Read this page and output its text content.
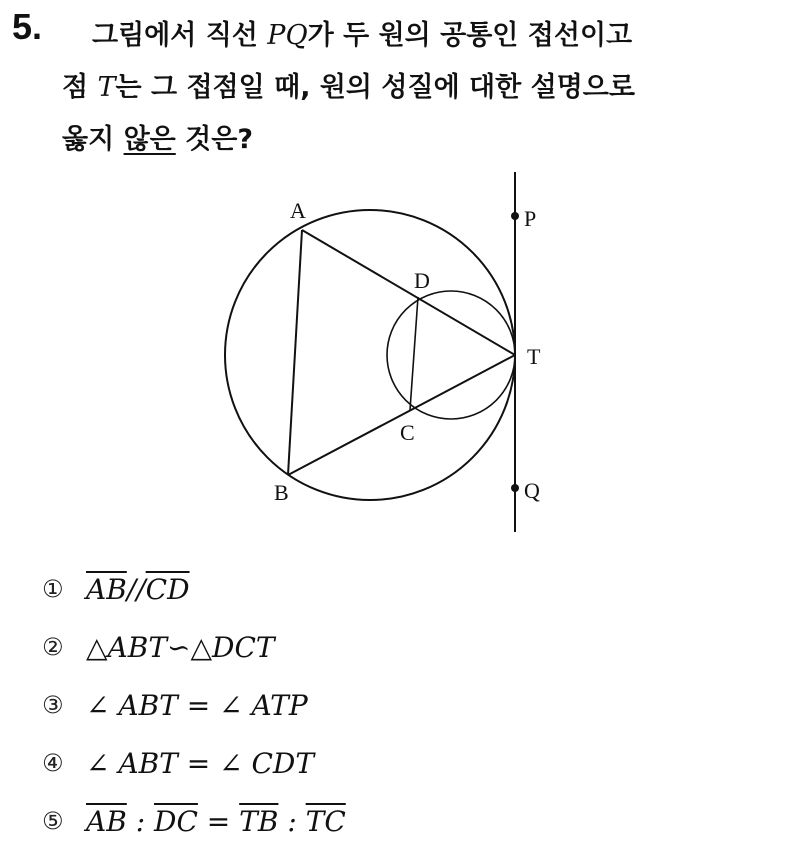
5.	그림에서 직선 PQ가 두 원의 공통인 접선이고
점 T는 그 접점일 때, 원의 성질에 대한 설명으로
옳지 않은 것은?
A
B
C
D
T
P
Q
① $\overline{AB}//\overline{CD}$
② △ABT∽△DCT
③ ∠ ABT = ∠ ATP
④ ∠ ABT = ∠ CDT
⑤ $\overline{AB}$ : $\overline{DC} = \overline{TB}$ : $\overline{TC}$
